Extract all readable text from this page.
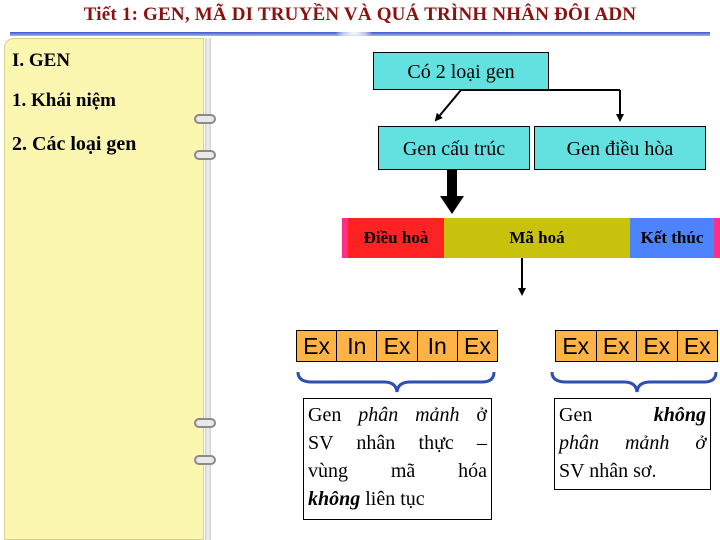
Tiết 1: GEN, MÃ DI TRUYỀN VÀ QUÁ TRÌNH NHÂN ĐÔI ADN
I. GEN
1. Khái niệm
2. Các loại gen
Có 2 loại gen
Gen cấu trúc	Gen điều hòa
Điều hoà	Mã hoá	Kết thúc
Ex In Ex In Ex	Ex Ex Ex Ex
Gen phân mảnh ở
SV nhân thực –
vùng mã hóa
không liên tục
Gen không
phân mảnh ở
SV nhân sơ.
